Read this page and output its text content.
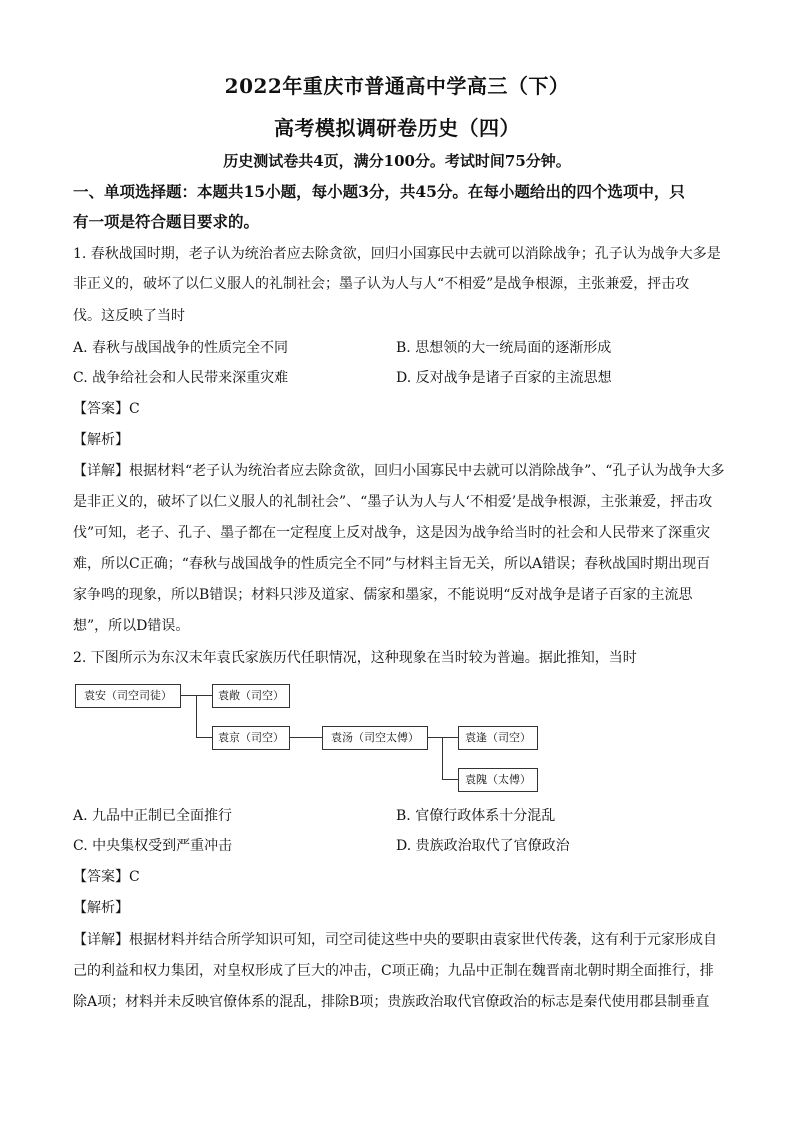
2022年重庆市普通高中学高三（下）
高考模拟调研卷历史（四）
历史测试卷共4页，满分100分。考试时间75分钟。
一、单项选择题：本题共15小题，每小题3分，共45分。在每小题给出的四个选项中，只
有一项是符合题目要求的。
1. 春秋战国时期，老子认为统治者应去除贪欲，回归小国寡民中去就可以消除战争；孔子认为战争大多是
非正义的，破坏了以仁义服人的礼制社会；墨子认为人与人“不相爱”是战争根源，主张兼爱，抨击攻
伐。这反映了当时
A. 春秋与战国战争的性质完全不同	B. 思想领的大一统局面的逐渐形成
C. 战争给社会和人民带来深重灾难	D. 反对战争是诸子百家的主流思想
【答案】C
【解析】
【详解】根据材料“老子认为统治者应去除贪欲，回归小国寡民中去就可以消除战争”、“孔子认为战争大多
是非正义的，破坏了以仁义服人的礼制社会”、“墨子认为人与人‘不相爱’是战争根源，主张兼爱，抨击攻
伐”可知，老子、孔子、墨子都在一定程度上反对战争，这是因为战争给当时的社会和人民带来了深重灾
难，所以C正确；“春秋与战国战争的性质完全不同”与材料主旨无关，所以A错误；春秋战国时期出现百
家争鸣的现象，所以B错误；材料只涉及道家、儒家和墨家，不能说明“反对战争是诸子百家的主流思
想”，所以D错误。
2. 下图所示为东汉末年袁氏家族历代任职情况，这种现象在当时较为普遍。据此推知，当时
袁安（司空司徒）	袁敞（司空）
袁京（司空）	袁汤（司空太傅）	袁逢（司空）
袁隗（太傅）
A. 九品中正制已全面推行	B. 官僚行政体系十分混乱
C. 中央集权受到严重冲击	D. 贵族政治取代了官僚政治
【答案】C
【解析】
【详解】根据材料并结合所学知识可知，司空司徒这些中央的要职由袁家世代传袭，这有利于元家形成自
己的利益和权力集团，对皇权形成了巨大的冲击，C项正确；九品中正制在魏晋南北朝时期全面推行，排
除A项；材料并未反映官僚体系的混乱，排除B项；贵族政治取代官僚政治的标志是秦代使用郡县制垂直
